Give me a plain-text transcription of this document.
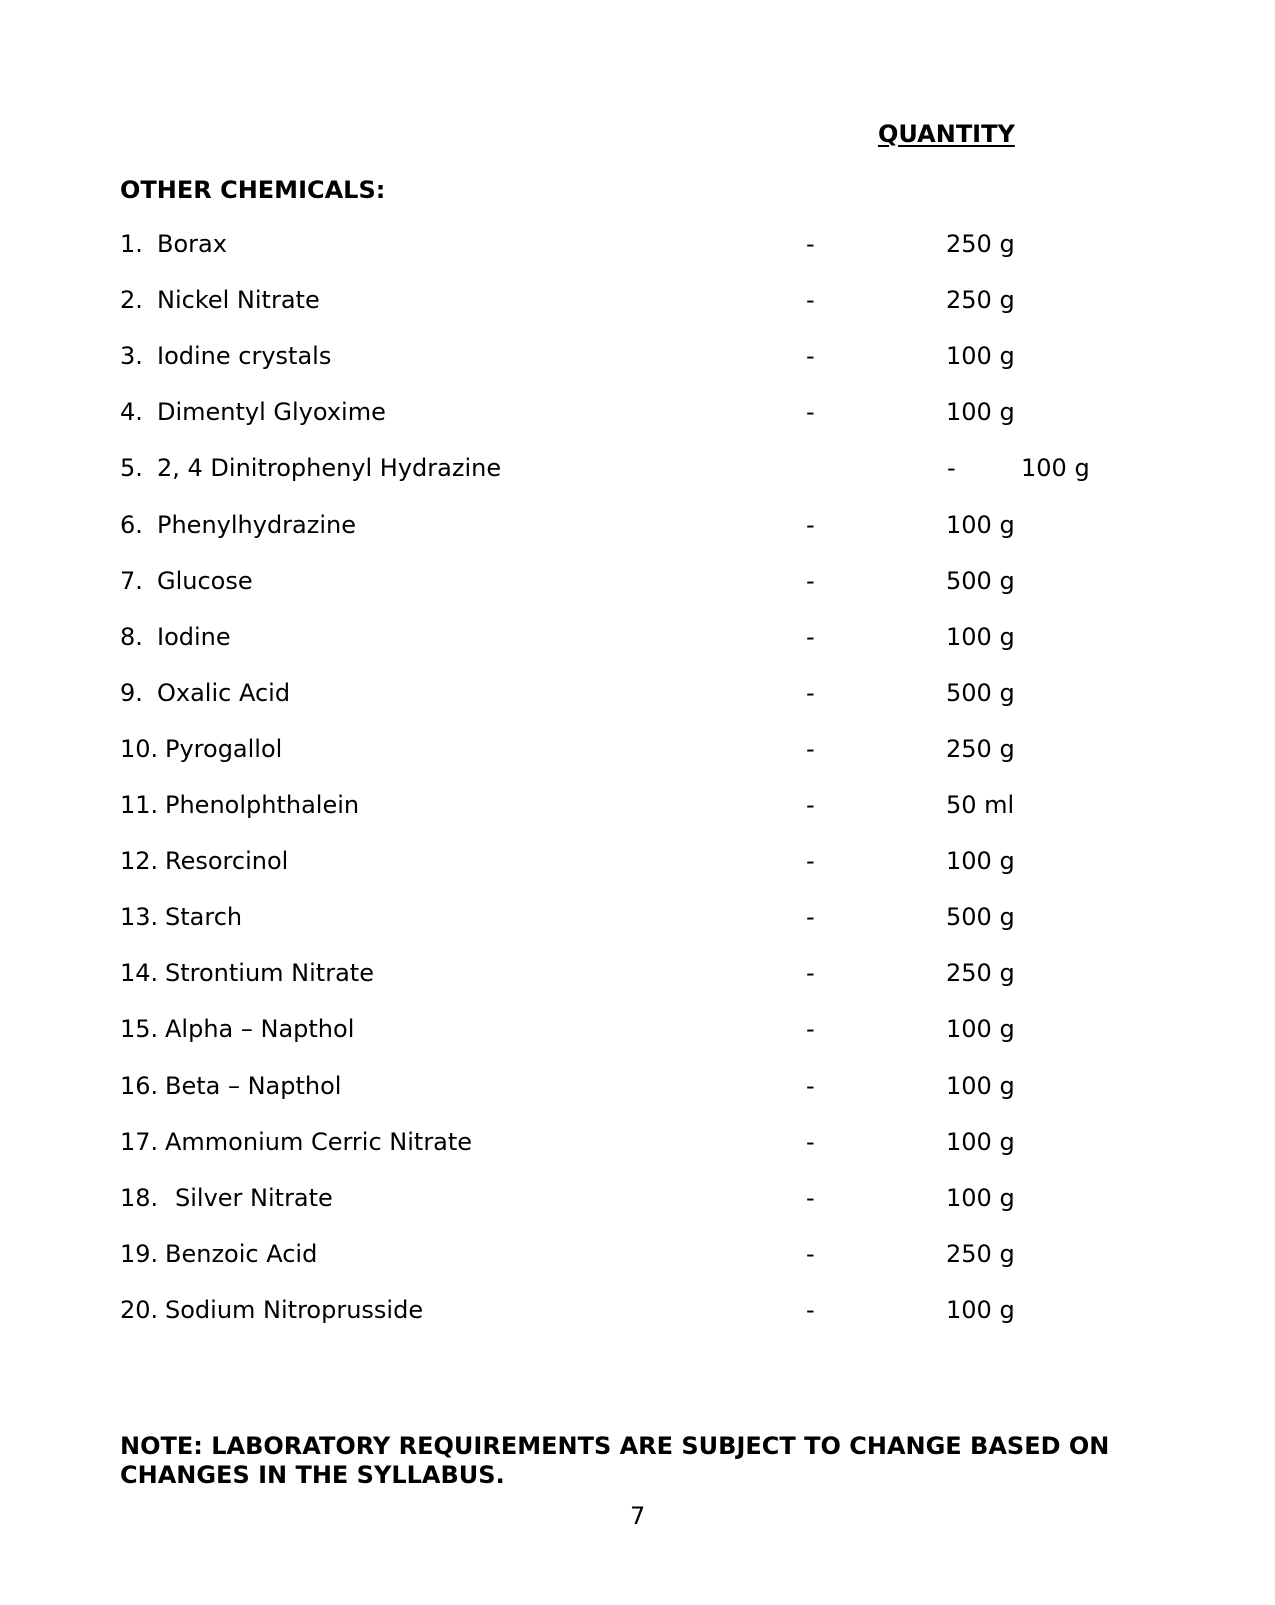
QUANTITY
OTHER CHEMICALS:
1. Borax	-	250 g
2. Nickel Nitrate	-	250 g
3. Iodine crystals	-	100 g
4. Dimentyl Glyoxime	-	100 g
5. 2, 4 Dinitrophenyl Hydrazine	-	100 g
6. Phenylhydrazine	-	100 g
7. Glucose	-	500 g
8. Iodine	-	100 g
9. Oxalic Acid	-	500 g
10. Pyrogallol	-	250 g
11. Phenolphthalein	-	50 ml
12. Resorcinol	-	100 g
13. Starch	-	500 g
14. Strontium Nitrate	-	250 g
15. Alpha – Napthol	-	100 g
16. Beta – Napthol	-	100 g
17. Ammonium Cerric Nitrate	-	100 g
18. Silver Nitrate	-	100 g
19. Benzoic Acid	-	250 g
20. Sodium Nitroprusside	-	100 g
NOTE: LABORATORY REQUIREMENTS ARE SUBJECT TO CHANGE BASED ON CHANGES IN THE SYLLABUS.
7
